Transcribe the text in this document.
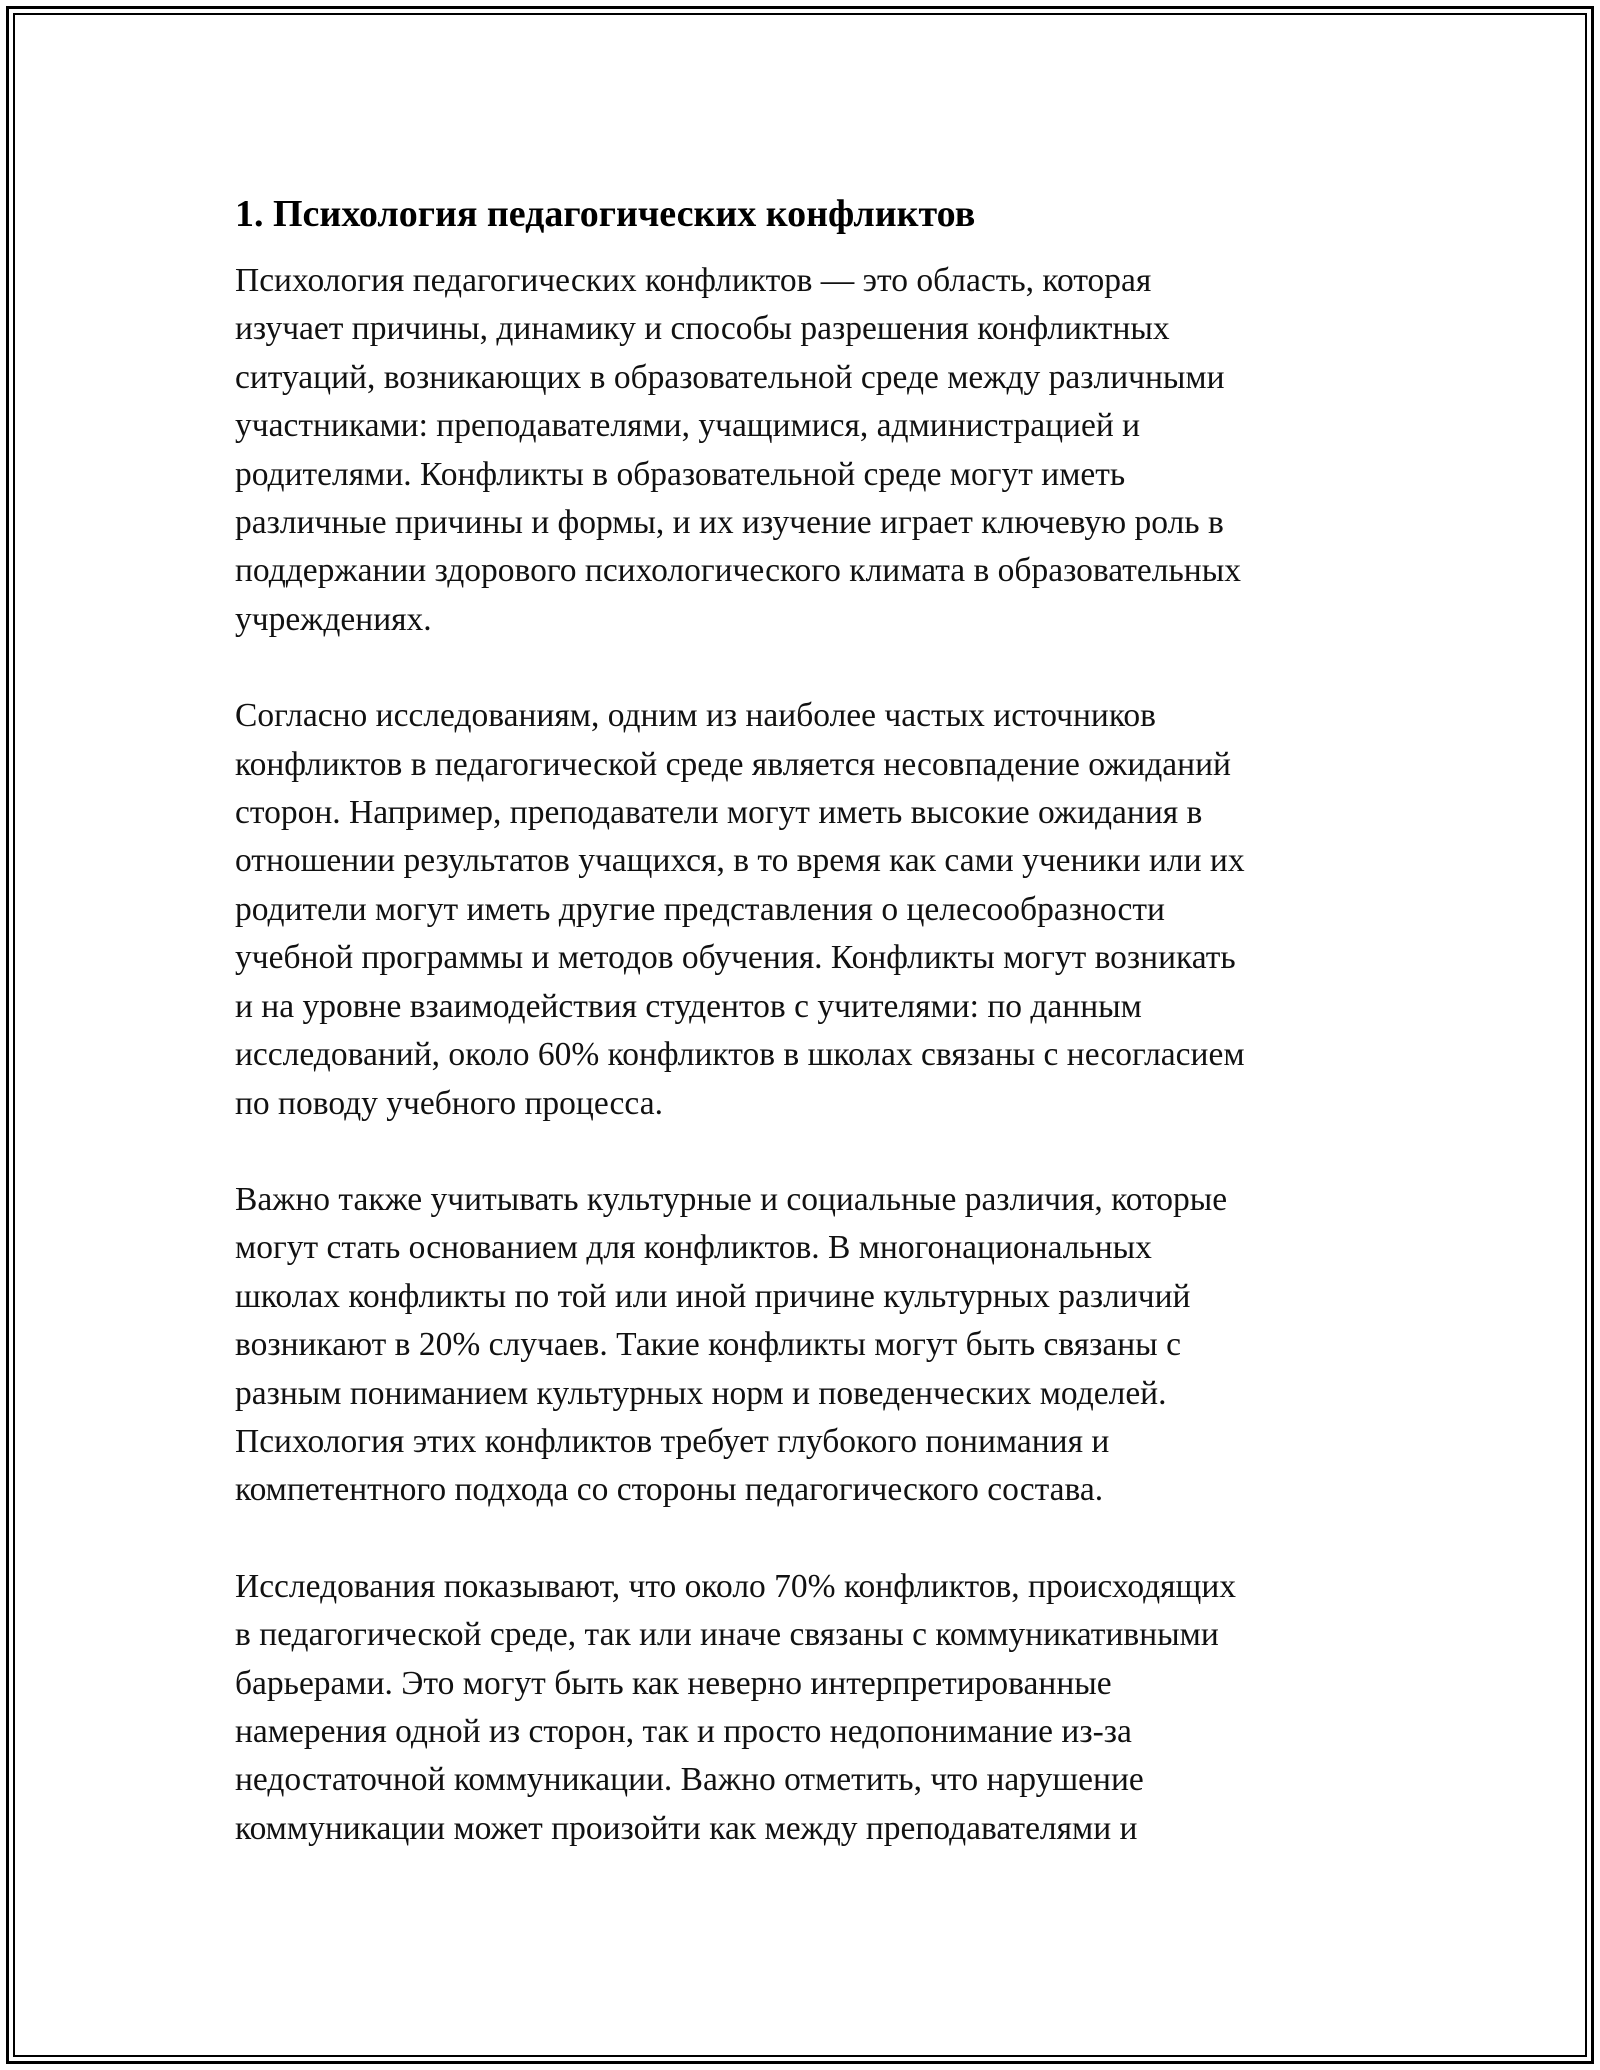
1. Психология педагогических конфликтов

Психология педагогических конфликтов — это область, которая
изучает причины, динамику и способы разрешения конфликтных
ситуаций, возникающих в образовательной среде между различными
участниками: преподавателями, учащимися, администрацией и
родителями. Конфликты в образовательной среде могут иметь
различные причины и формы, и их изучение играет ключевую роль в
поддержании здорового психологического климата в образовательных
учреждениях.

Согласно исследованиям, одним из наиболее частых источников
конфликтов в педагогической среде является несовпадение ожиданий
сторон. Например, преподаватели могут иметь высокие ожидания в
отношении результатов учащихся, в то время как сами ученики или их
родители могут иметь другие представления о целесообразности
учебной программы и методов обучения. Конфликты могут возникать
и на уровне взаимодействия студентов с учителями: по данным
исследований, около 60% конфликтов в школах связаны с несогласием
по поводу учебного процесса.

Важно также учитывать культурные и социальные различия, которые
могут стать основанием для конфликтов. В многонациональных
школах конфликты по той или иной причине культурных различий
возникают в 20% случаев. Такие конфликты могут быть связаны с
разным пониманием культурных норм и поведенческих моделей.
Психология этих конфликтов требует глубокого понимания и
компетентного подхода со стороны педагогического состава.

Исследования показывают, что около 70% конфликтов, происходящих
в педагогической среде, так или иначе связаны с коммуникативными
барьерами. Это могут быть как неверно интерпретированные
намерения одной из сторон, так и просто недопонимание из-за
недостаточной коммуникации. Важно отметить, что нарушение
коммуникации может произойти как между преподавателями и
